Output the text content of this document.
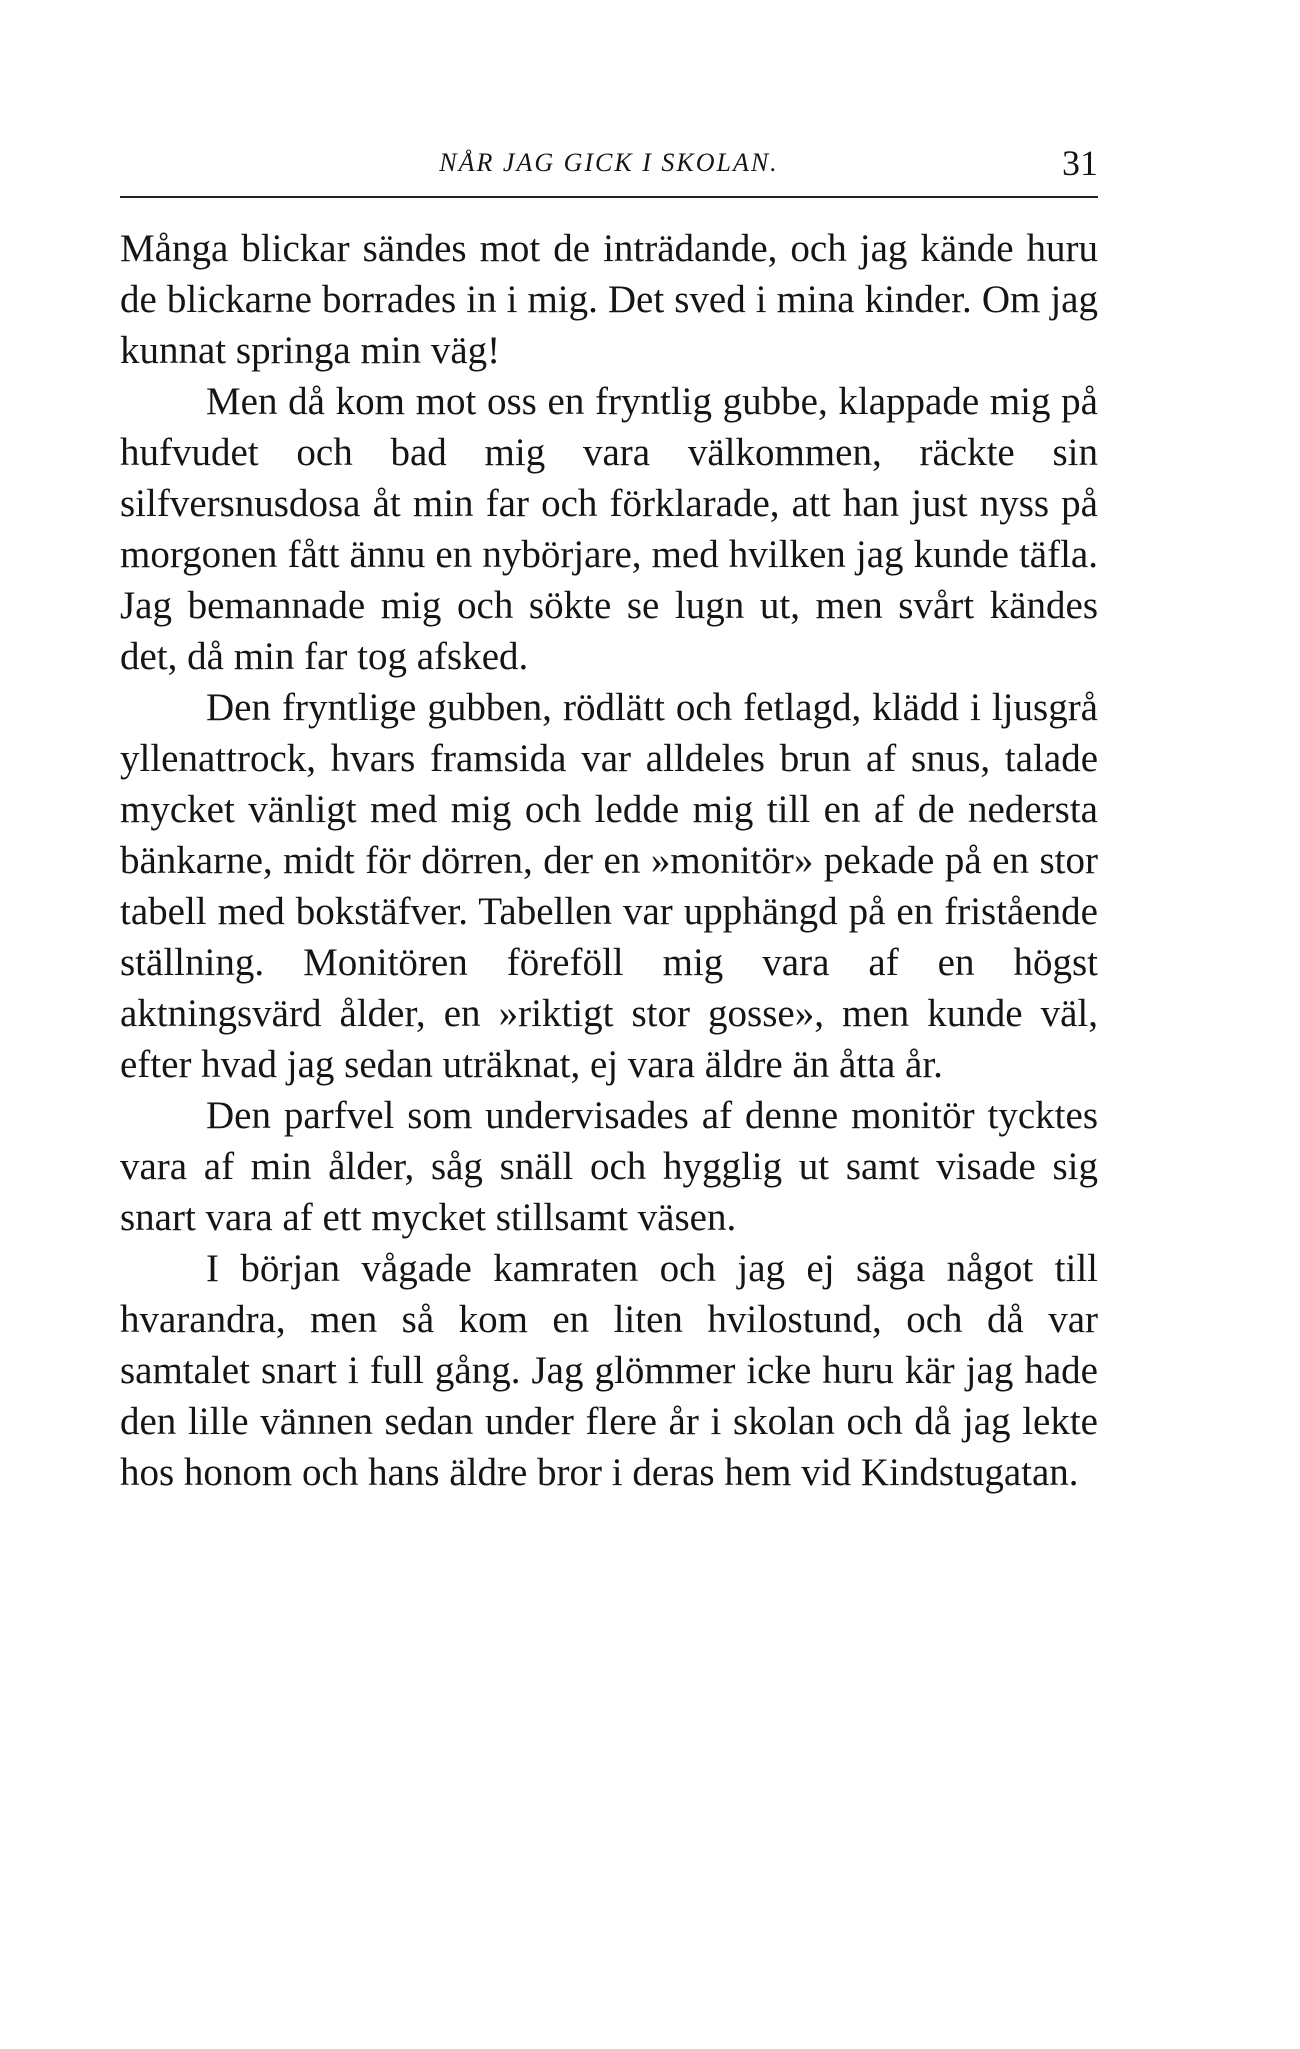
NÅR JAG GICK I SKOLAN.	31

Många blickar sändes mot de inträdande, och jag kände huru de blickarne borrades in i mig. Det sved i mina kinder. Om jag kunnat springa min väg!

Men då kom mot oss en fryntlig gubbe, klappade mig på hufvudet och bad mig vara välkommen, räckte sin silfversnusdosa åt min far och förklarade, att han just nyss på morgonen fått ännu en nybörjare, med hvilken jag kunde täfla. Jag bemannade mig och sökte se lugn ut, men svårt kändes det, då min far tog afsked.

Den fryntlige gubben, rödlätt och fetlagd, klädd i ljusgrå yllenattrock, hvars framsida var alldeles brun af snus, talade mycket vänligt med mig och ledde mig till en af de nedersta bänkarne, midt för dörren, der en »monitör» pekade på en stor tabell med bokstäfver. Tabellen var upphängd på en fristående ställning. Monitören föreföll mig vara af en högst aktningsvärd ålder, en »riktigt stor gosse», men kunde väl, efter hvad jag sedan uträknat, ej vara äldre än åtta år.

Den parfvel som undervisades af denne monitör tycktes vara af min ålder, såg snäll och hygglig ut samt visade sig snart vara af ett mycket stillsamt väsen.

I början vågade kamraten och jag ej säga något till hvarandra, men så kom en liten hvilostund, och då var samtalet snart i full gång. Jag glömmer icke huru kär jag hade den lille vännen sedan under flere år i skolan och då jag lekte hos honom och hans äldre bror i deras hem vid Kindstugatan.
